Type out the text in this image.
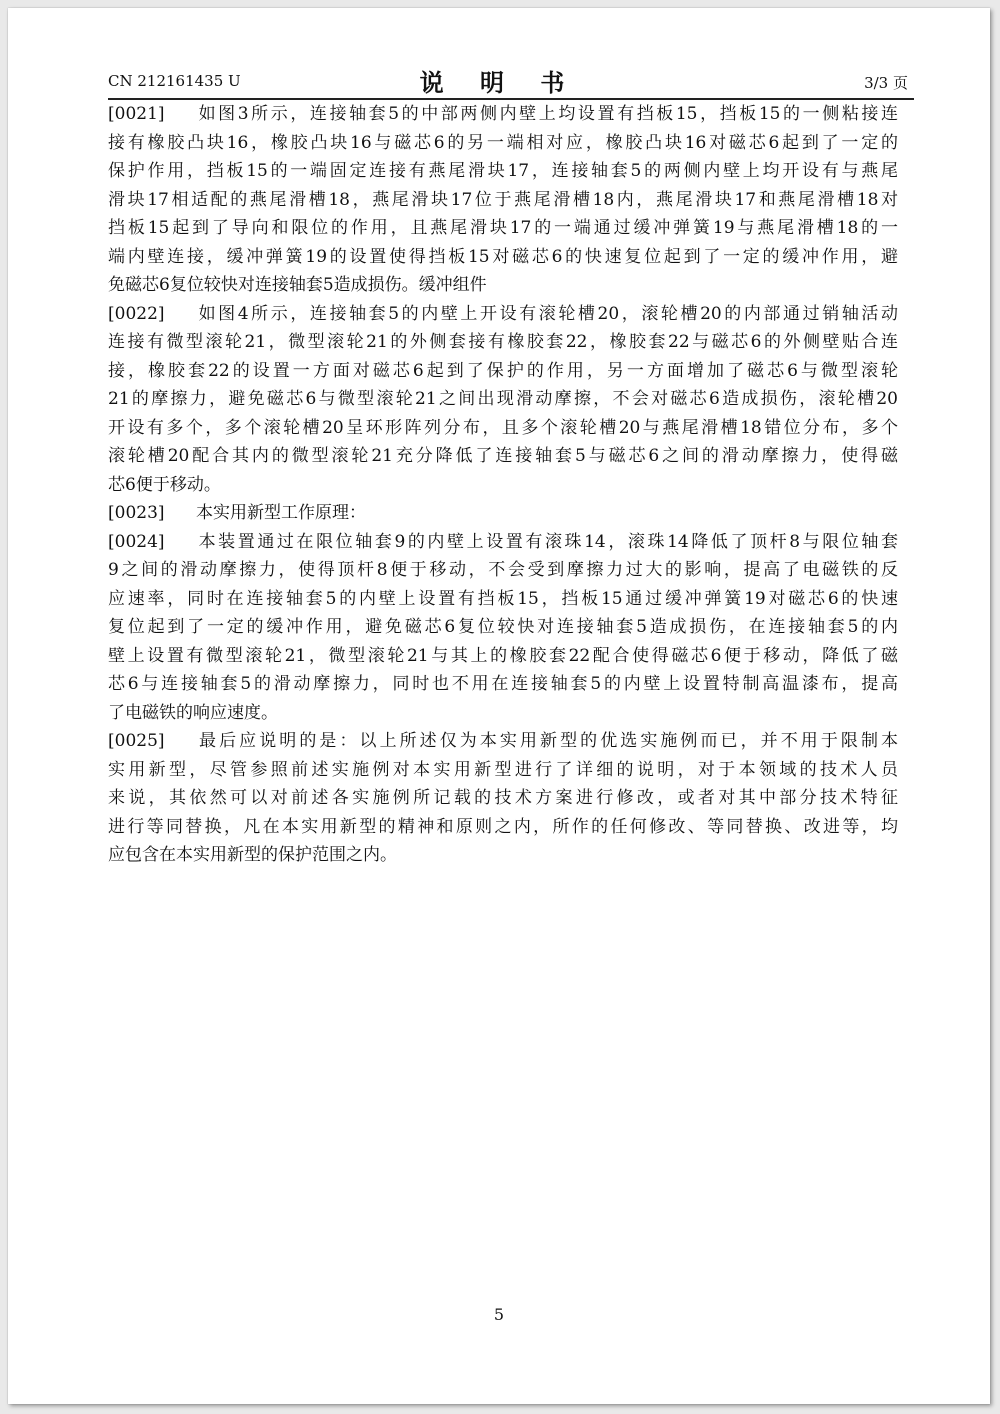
CN 212161435 U	说 明 书	3/3 页
[0021] 如图3所示，连接轴套5的中部两侧内壁上均设置有挡板15，挡板15的一侧粘接连
接有橡胶凸块16，橡胶凸块16与磁芯6的另一端相对应，橡胶凸块16对磁芯6起到了一定的
保护作用，挡板15的一端固定连接有燕尾滑块17，连接轴套5的两侧内壁上均开设有与燕尾
滑块17相适配的燕尾滑槽18，燕尾滑块17位于燕尾滑槽18内，燕尾滑块17和燕尾滑槽18对
挡板15起到了导向和限位的作用，且燕尾滑块17的一端通过缓冲弹簧19与燕尾滑槽18的一
端内壁连接，缓冲弹簧19的设置使得挡板15对磁芯6的快速复位起到了一定的缓冲作用，避
免磁芯6复位较快对连接轴套5造成损伤。缓冲组件
[0022] 如图4所示，连接轴套5的内壁上开设有滚轮槽20，滚轮槽20的内部通过销轴活动
连接有微型滚轮21，微型滚轮21的外侧套接有橡胶套22，橡胶套22与磁芯6的外侧壁贴合连
接，橡胶套22的设置一方面对磁芯6起到了保护的作用，另一方面增加了磁芯6与微型滚轮
21的摩擦力，避免磁芯6与微型滚轮21之间出现滑动摩擦，不会对磁芯6造成损伤，滚轮槽20
开设有多个，多个滚轮槽20呈环形阵列分布，且多个滚轮槽20与燕尾滑槽18错位分布，多个
滚轮槽20配合其内的微型滚轮21充分降低了连接轴套5与磁芯6之间的滑动摩擦力，使得磁
芯6便于移动。
[0023] 本实用新型工作原理：
[0024] 本装置通过在限位轴套9的内壁上设置有滚珠14，滚珠14降低了顶杆8与限位轴套
9之间的滑动摩擦力，使得顶杆8便于移动，不会受到摩擦力过大的影响，提高了电磁铁的反
应速率，同时在连接轴套5的内壁上设置有挡板15，挡板15通过缓冲弹簧19对磁芯6的快速
复位起到了一定的缓冲作用，避免磁芯6复位较快对连接轴套5造成损伤，在连接轴套5的内
壁上设置有微型滚轮21，微型滚轮21与其上的橡胶套22配合使得磁芯6便于移动，降低了磁
芯6与连接轴套5的滑动摩擦力，同时也不用在连接轴套5的内壁上设置特制高温漆布，提高
了电磁铁的响应速度。
[0025] 最后应说明的是：以上所述仅为本实用新型的优选实施例而已，并不用于限制本
实用新型，尽管参照前述实施例对本实用新型进行了详细的说明，对于本领域的技术人员
来说，其依然可以对前述各实施例所记载的技术方案进行修改，或者对其中部分技术特征
进行等同替换，凡在本实用新型的精神和原则之内，所作的任何修改、等同替换、改进等，均
应包含在本实用新型的保护范围之内。
5
